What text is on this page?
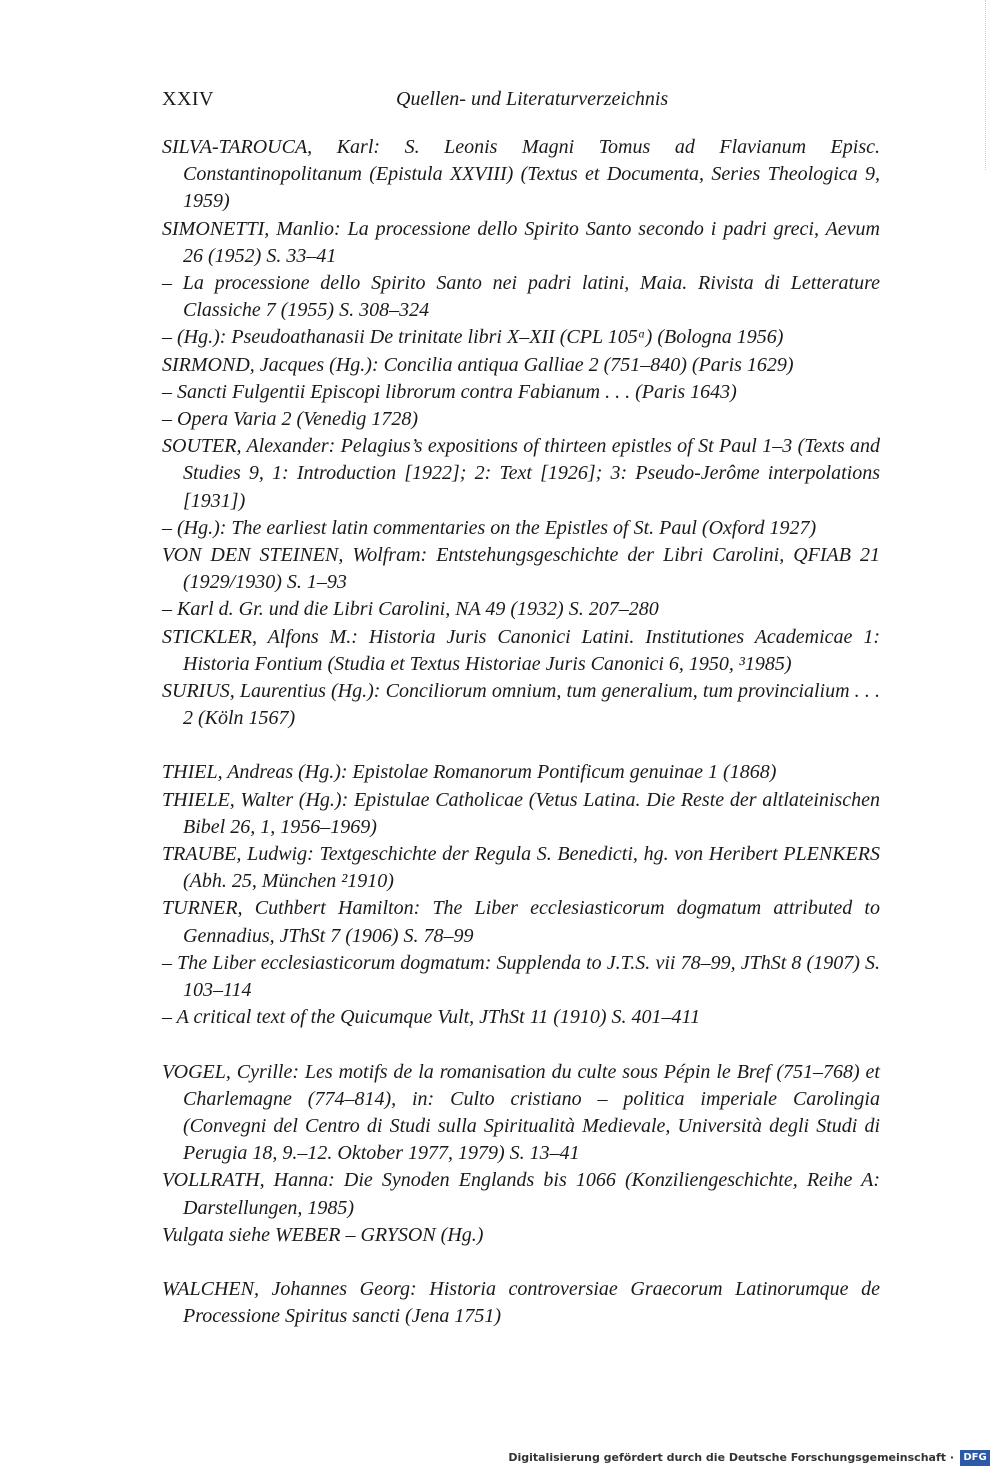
XXIV	Quellen- und Literaturverzeichnis

SILVA-TAROUCA, Karl: S. Leonis Magni Tomus ad Flavianum Episc. Constantinopolitanum (Epistula XXVIII) (Textus et Documenta, Series Theologica 9, 1959)

SIMONETTI, Manlio: La processione dello Spirito Santo secondo i padri greci, Aevum 26 (1952) S. 33–41

– La processione dello Spirito Santo nei padri latini, Maia. Rivista di Letterature Classiche 7 (1955) S. 308–324

– (Hg.): Pseudoathanasii De trinitate libri X–XII (CPL 105ᵅ) (Bologna 1956)

SIRMOND, Jacques (Hg.): Concilia antiqua Galliae 2 (751–840) (Paris 1629)

– Sancti Fulgentii Episcopi librorum contra Fabianum . . . (Paris 1643)

– Opera Varia 2 (Venedig 1728)

SOUTER, Alexander: Pelagius’s expositions of thirteen epistles of St Paul 1–3 (Texts and Studies 9, 1: Introduction [1922]; 2: Text [1926]; 3: Pseudo-Jerôme interpolations [1931])

– (Hg.): The earliest latin commentaries on the Epistles of St. Paul (Oxford 1927)

VON DEN STEINEN, Wolfram: Entstehungsgeschichte der Libri Carolini, QFIAB 21 (1929/1930) S. 1–93

– Karl d. Gr. und die Libri Carolini, NA 49 (1932) S. 207–280

STICKLER, Alfons M.: Historia Juris Canonici Latini. Institutiones Academicae 1: Historia Fontium (Studia et Textus Historiae Juris Canonici 6, 1950, ³1985)

SURIUS, Laurentius (Hg.): Conciliorum omnium, tum generalium, tum provincialium . . . 2 (Köln 1567)

THIEL, Andreas (Hg.): Epistolae Romanorum Pontificum genuinae 1 (1868)

THIELE, Walter (Hg.): Epistulae Catholicae (Vetus Latina. Die Reste der altlateinischen Bibel 26, 1, 1956–1969)

TRAUBE, Ludwig: Textgeschichte der Regula S. Benedicti, hg. von Heribert PLENKERS (Abh. 25, München ²1910)

TURNER, Cuthbert Hamilton: The Liber ecclesiasticorum dogmatum attributed to Gennadius, JThSt 7 (1906) S. 78–99

– The Liber ecclesiasticorum dogmatum: Supplenda to J.T.S. vii 78–99, JThSt 8 (1907) S. 103–114

– A critical text of the Quicumque Vult, JThSt 11 (1910) S. 401–411

VOGEL, Cyrille: Les motifs de la romanisation du culte sous Pépin le Bref (751–768) et Charlemagne (774–814), in: Culto cristiano – politica imperiale Carolingia (Convegni del Centro di Studi sulla Spiritualità Medievale, Università degli Studi di Perugia 18, 9.–12. Oktober 1977, 1979) S. 13–41

VOLLRATH, Hanna: Die Synoden Englands bis 1066 (Konziliengeschichte, Reihe A: Darstellungen, 1985)

Vulgata siehe WEBER – GRYSON (Hg.)

WALCHEN, Johannes Georg: Historia controversiae Graecorum Latinorumque de Processione Spiritus sancti (Jena 1751)

Digitalisierung gefördert durch die Deutsche Forschungsgemeinschaft · DFG
